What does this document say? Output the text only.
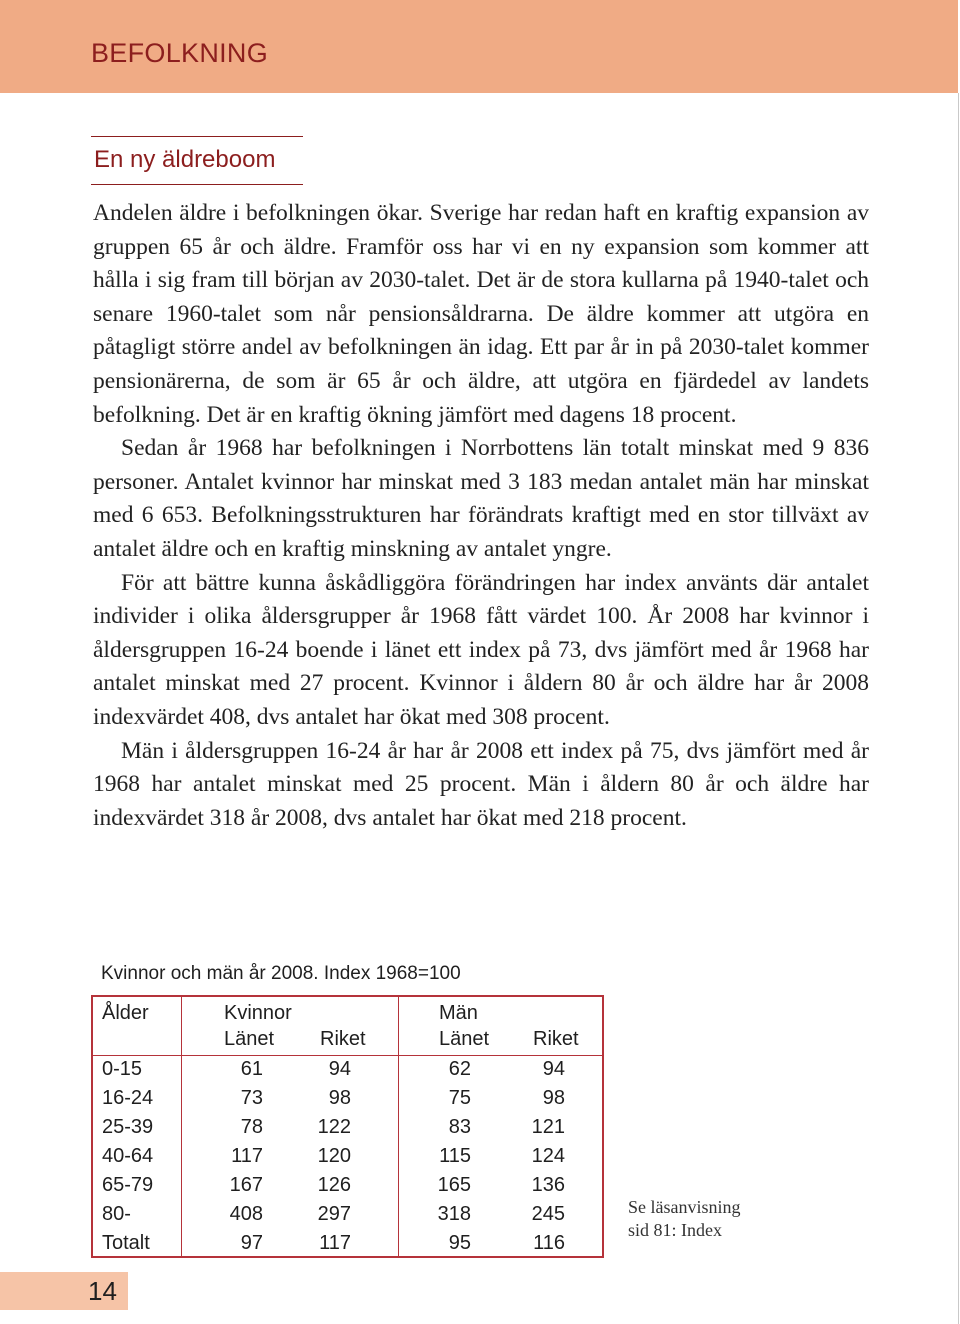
BEFOLKNING
En ny äldreboom

Andelen äldre i befolkningen ökar. Sverige har redan haft en kraftig expansion av gruppen 65 år och äldre. Framför oss har vi en ny expansion som kommer att hålla i sig fram till början av 2030-talet. Det är de stora kullarna på 1940-talet och senare 1960-talet som når pensionsåldrarna. De äldre kommer att utgöra en påtagligt större andel av befolkningen än idag. Ett par år in på 2030-talet kommer pensionärerna, de som är 65 år och äldre, att utgöra en fjärdedel av landets befolkning. Det är en kraftig ökning jämfört med dagens 18 procent.

Sedan år 1968 har befolkningen i Norrbottens län totalt minskat med 9 836 personer. Antalet kvinnor har minskat med 3 183 medan antalet män har minskat med 6 653. Befolkningsstrukturen har förändrats kraftigt med en stor tillväxt av antalet äldre och en kraftig minskning av antalet yngre.

För att bättre kunna åskådliggöra förändringen har index använts där antalet individer i olika åldersgrupper år 1968 fått värdet 100. År 2008 har kvinnor i åldersgruppen 16-24 boende i länet ett index på 73, dvs jämfört med år 1968 har antalet minskat med 27 procent. Kvinnor i åldern 80 år och äldre har år 2008 indexvärdet 408, dvs antalet har ökat med 308 procent.

Män i åldersgruppen 16-24 år har år 2008 ett index på 75, dvs jämfört med år 1968 har antalet minskat med 25 procent. Män i åldern 80 år och äldre har indexvärdet 318 år 2008, dvs antalet har ökat med 218 procent.

Kvinnor och män år 2008. Index 1968=100
Ålder	Kvinnor	Män
Länet Riket	Länet Riket
0-15	61	94	62	94
16-24	73	98	75	98
25-39	78	122	83	121
40-64	117	120	115	124
65-79	167	126	165	136
80-	408	297	318	245
Totalt	97	117	95	116
Se läsanvisning
sid 81: Index
14
